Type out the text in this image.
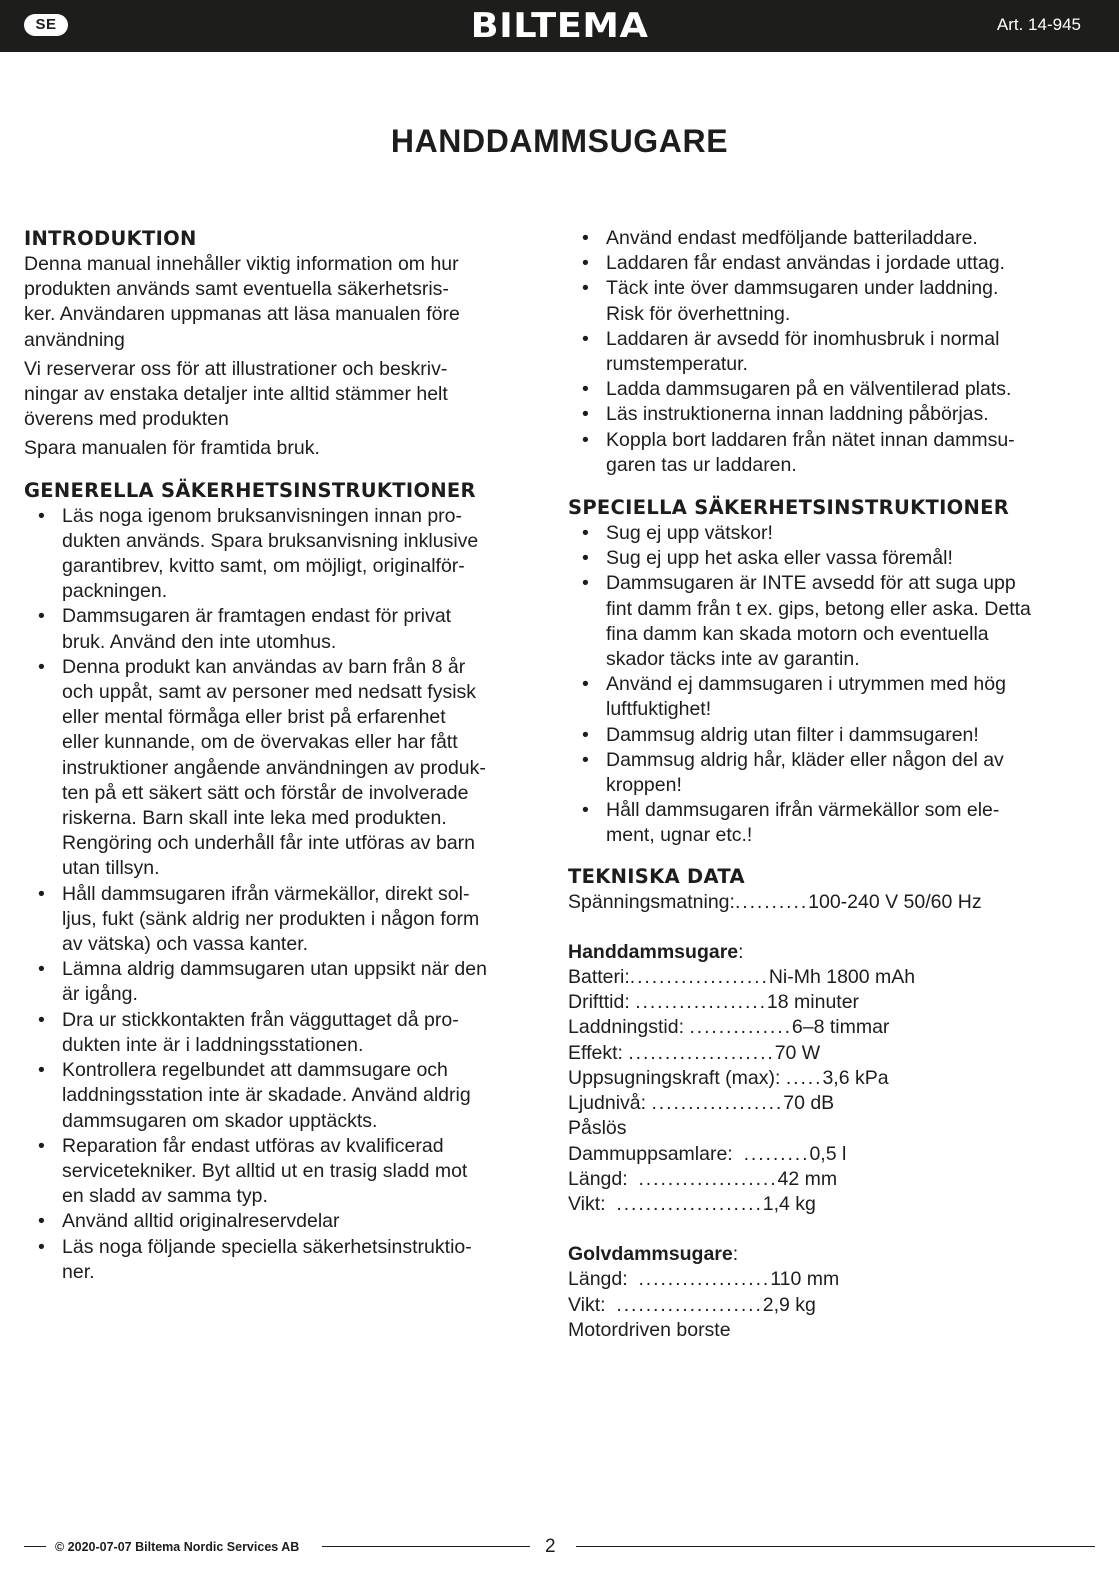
SE	BILTEMA	Art. 14-945
HANDDAMMSUGARE
INTRODUKTION

Denna manual innehåller viktig information om hur
produkten används samt eventuella säkerhetsris-
ker. Användaren uppmanas att läsa manualen före
användning

Vi reserverar oss för att illustrationer och beskriv-
ningar av enstaka detaljer inte alltid stämmer helt
överens med produkten

Spara manualen för framtida bruk.

GENERELLA SÄKERHETSINSTRUKTIONER
• Läs noga igenom bruksanvisningen innan pro-
dukten används. Spara bruksanvisning inklusive
garantibrev, kvitto samt, om möjligt, originalför-
packningen.
• Dammsugaren är framtagen endast för privat
bruk. Använd den inte utomhus.
• Denna produkt kan användas av barn från 8 år
och uppåt, samt av personer med nedsatt fysisk
eller mental förmåga eller brist på erfarenhet
eller kunnande, om de övervakas eller har fått
instruktioner angående användningen av produk-
ten på ett säkert sätt och förstår de involverade
riskerna. Barn skall inte leka med produkten.
Rengöring och underhåll får inte utföras av barn
utan tillsyn.
• Håll dammsugaren ifrån värmekällor, direkt sol-
ljus, fukt (sänk aldrig ner produkten i någon form
av vätska) och vassa kanter.
• Lämna aldrig dammsugaren utan uppsikt när den
är igång.
• Dra ur stickkontakten från vägguttaget då pro-
dukten inte är i laddningsstationen.
• Kontrollera regelbundet att dammsugare och
laddningsstation inte är skadade. Använd aldrig
dammsugaren om skador upptäckts.
• Reparation får endast utföras av kvalificerad
servicetekniker. Byt alltid ut en trasig sladd mot
en sladd av samma typ.
• Använd alltid originalreservdelar
• Läs noga följande speciella säkerhetsinstruktio-
ner.
• Använd endast medföljande batteriladdare.
• Laddaren får endast användas i jordade uttag.
• Täck inte över dammsugaren under laddning.
Risk för överhettning.
• Laddaren är avsedd för inomhusbruk i normal
rumstemperatur.
• Ladda dammsugaren på en välventilerad plats.
• Läs instruktionerna innan laddning påbörjas.
• Koppla bort laddaren från nätet innan dammsu-
garen tas ur laddaren.
SPECIELLA SÄKERHETSINSTRUKTIONER
• Sug ej upp vätskor!
• Sug ej upp het aska eller vassa föremål!
• Dammsugaren är INTE avsedd för att suga upp
fint damm från t ex. gips, betong eller aska. Detta
fina damm kan skada motorn och eventuella
skador täcks inte av garantin.
• Använd ej dammsugaren i utrymmen med hög
luftfuktighet!
• Dammsug aldrig utan filter i dammsugaren!
• Dammsug aldrig hår, kläder eller någon del av
kroppen!
• Håll dammsugaren ifrån värmekällor som ele-
ment, ugnar etc.!
TEKNISKA DATA
Spänningsmatning: .......... 100-240 V 50/60 Hz
Handdammsugare:
Batteri: ................... Ni-Mh 1800 mAh
Drifttid: .................. 18 minuter
Laddningstid: .............. 6–8 timmar
Effekt: .................... 70 W
Uppsugningskraft (max): ..... 3,6 kPa
Ljudnivå: .................. 70 dB
Påslös
Dammuppsamlare: ......... 0,5 l
Längd: ................... 42 mm
Vikt: .................... 1,4 kg
Golvdammsugare:
Längd: .................. 110 mm
Vikt: .................... 2,9 kg
Motordriven borste
© 2020-07-07 Biltema Nordic Services AB	2
